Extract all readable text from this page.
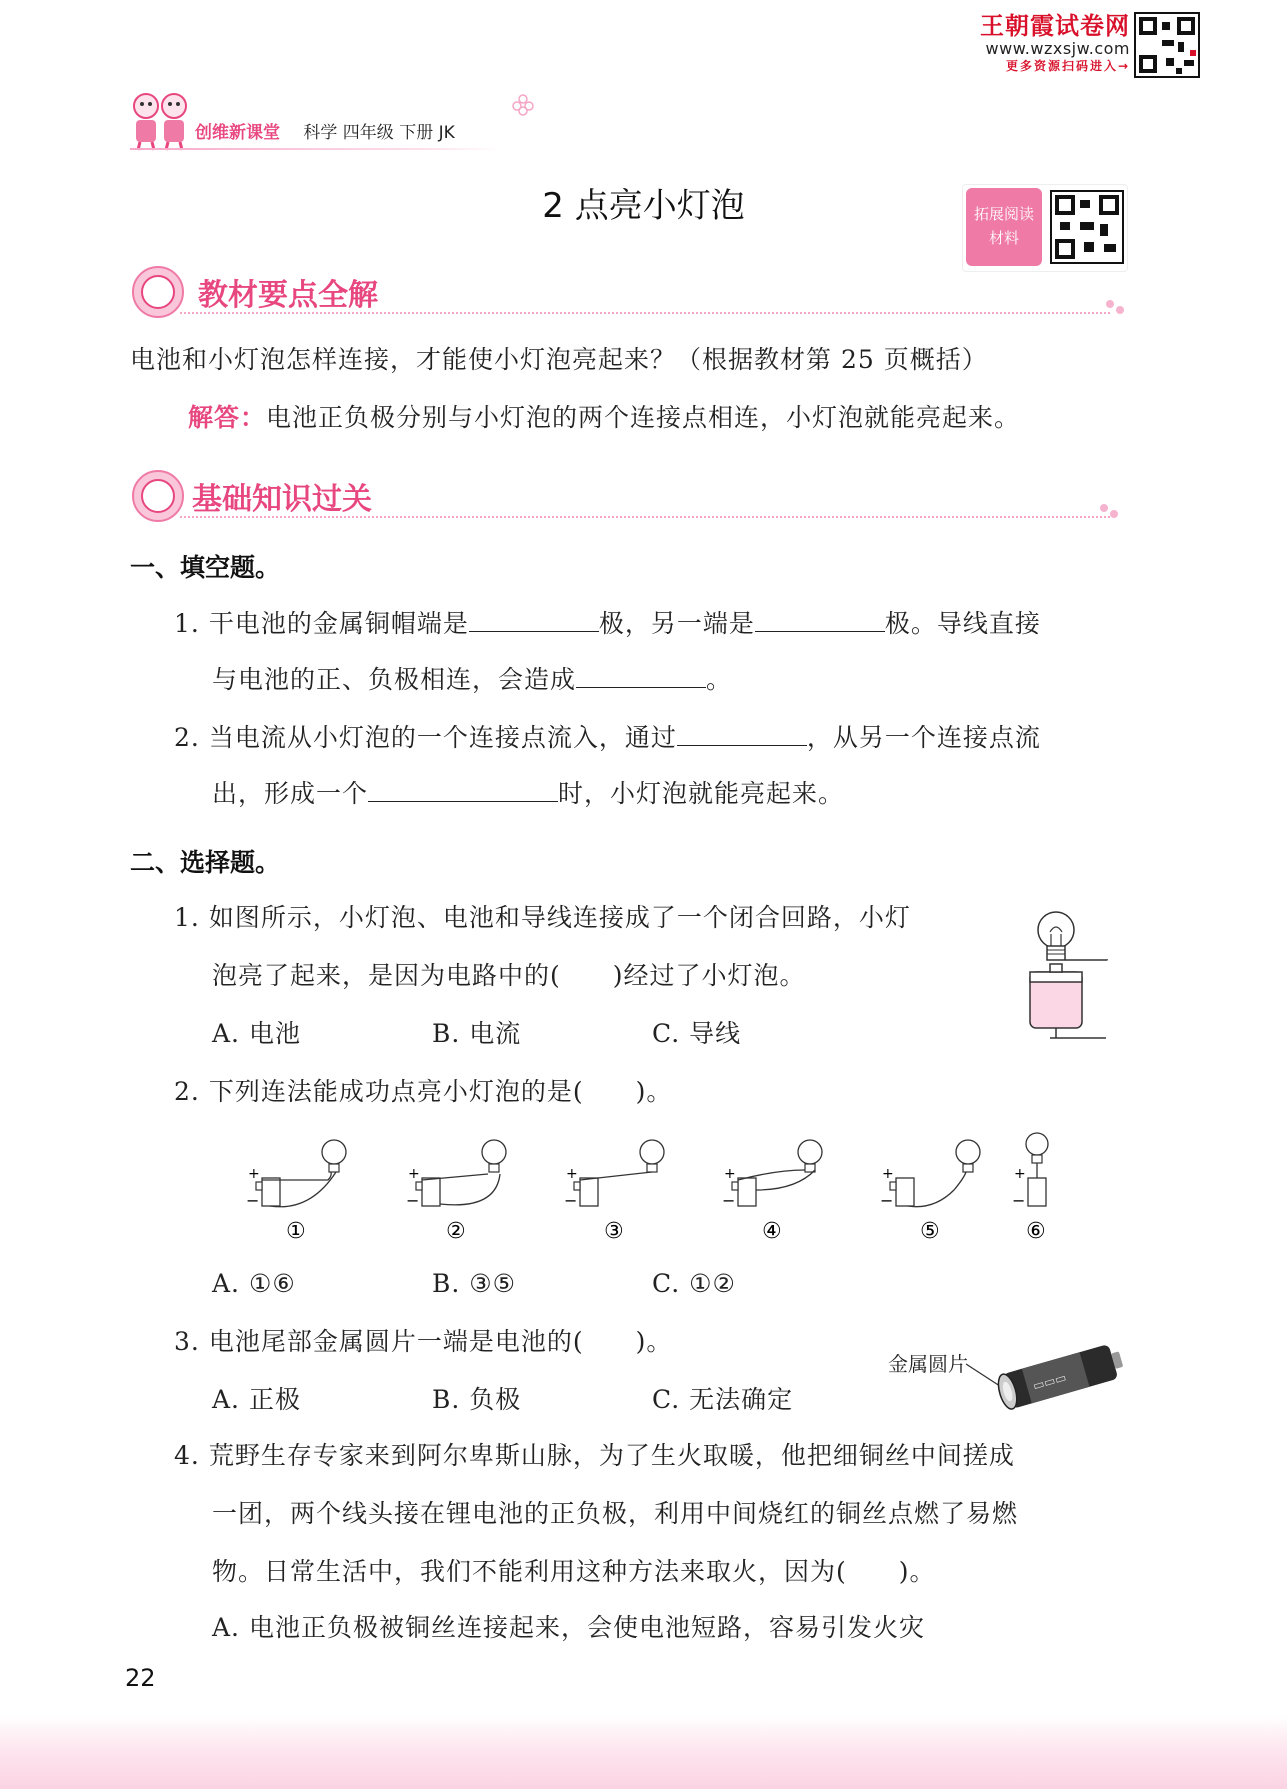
王朝霞试卷网
www.wzxsjw.com
更多资源扫码进入→
创维新课堂 科学 四年级 下册 JK
2 点亮小灯泡	拓展阅读
材料
教材要点全解
电池和小灯泡怎样连接，才能使小灯泡亮起来？（根据教材第 25 页概括）
解答：电池正负极分别与小灯泡的两个连接点相连，小灯泡就能亮起来。
基础知识过关
一、填空题。
1. 干电池的金属铜帽端是	极，另一端是	极。导线直接
与电池的正、负极相连，会造成	。
2. 当电流从小灯泡的一个连接点流入，通过	，从另一个连接点流
出，形成一个	时，小灯泡就能亮起来。
二、选择题。
1. 如图所示，小灯泡、电池和导线连接成了一个闭合回路，小灯
泡亮了起来，是因为电路中的(　　)经过了小灯泡。
A. 电池	B. 电流	C. 导线
2. 下列连法能成功点亮小灯泡的是(　　)。
+
−
①
+
−
②
+
−
③
+
−
④
+
−
⑤
+
−
⑥
A. ①⑥	B. ③⑤	C. ①②
3. 电池尾部金属圆片一端是电池的(　　)。
A. 正极	B. 负极	C. 无法确定
金属圆片
▭▭▭
4. 荒野生存专家来到阿尔卑斯山脉，为了生火取暖，他把细铜丝中间搓成
一团，两个线头接在锂电池的正负极，利用中间烧红的铜丝点燃了易燃
物。日常生活中，我们不能利用这种方法来取火，因为(　　)。
A. 电池正负极被铜丝连接起来，会使电池短路，容易引发火灾
22
